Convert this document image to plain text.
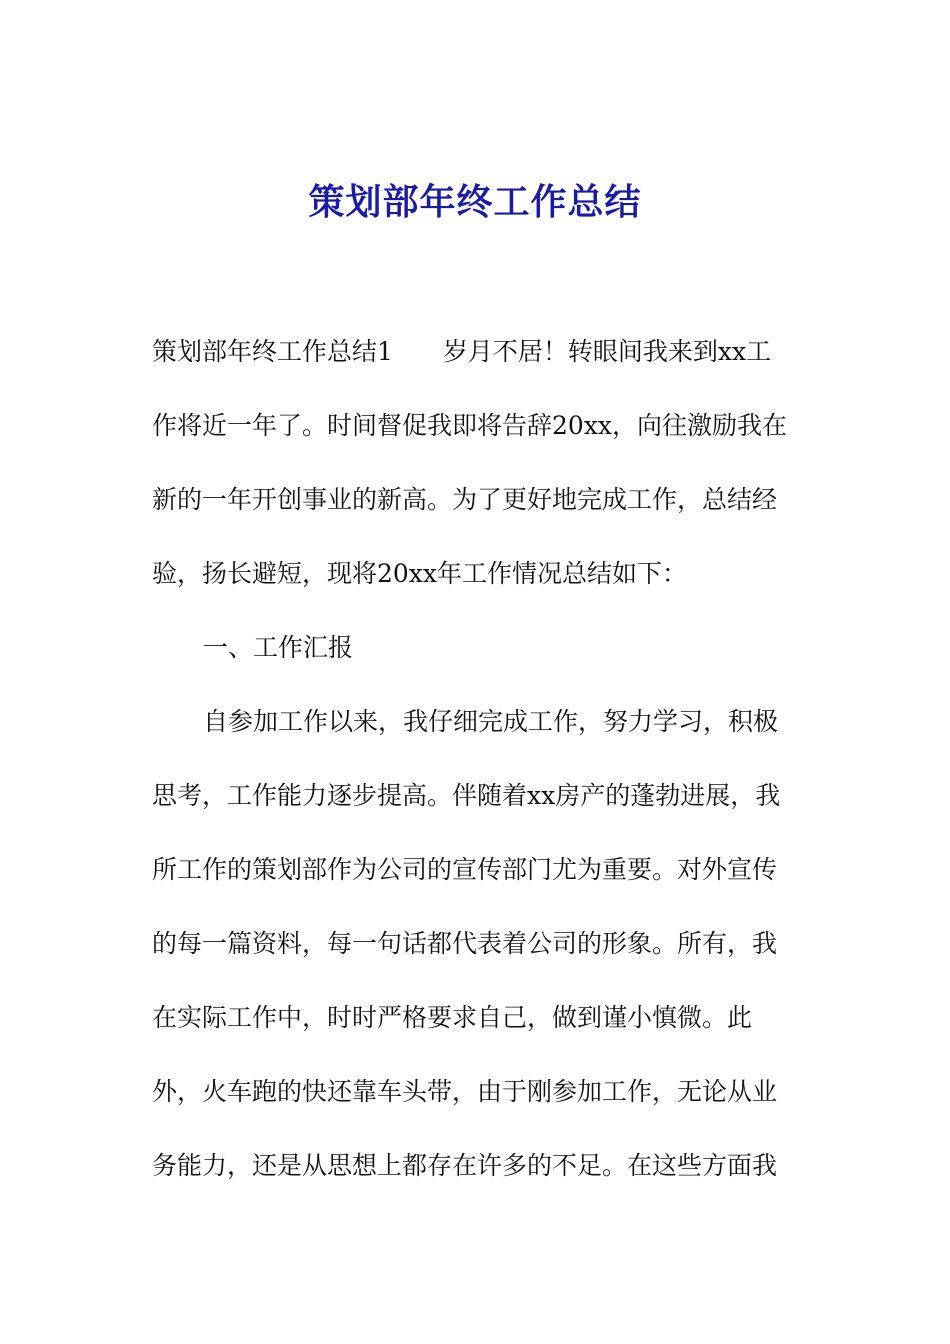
策划部年终工作总结

策划部年终工作总结1　　岁月不居！转眼间我来到xx工

作将近一年了。时间督促我即将告辞20xx，向往激励我在

新的一年开创事业的新高。为了更好地完成工作，总结经

验，扬长避短，现将20xx年工作情况总结如下：

一、工作汇报

自参加工作以来，我仔细完成工作，努力学习，积极

思考，工作能力逐步提高。伴随着xx房产的蓬勃进展，我

所工作的策划部作为公司的宣传部门尤为重要。对外宣传

的每一篇资料，每一句话都代表着公司的形象。所有，我

在实际工作中，时时严格要求自己，做到谨小慎微。此

外，火车跑的快还靠车头带，由于刚参加工作，无论从业

务能力，还是从思想上都存在许多的不足。在这些方面我
